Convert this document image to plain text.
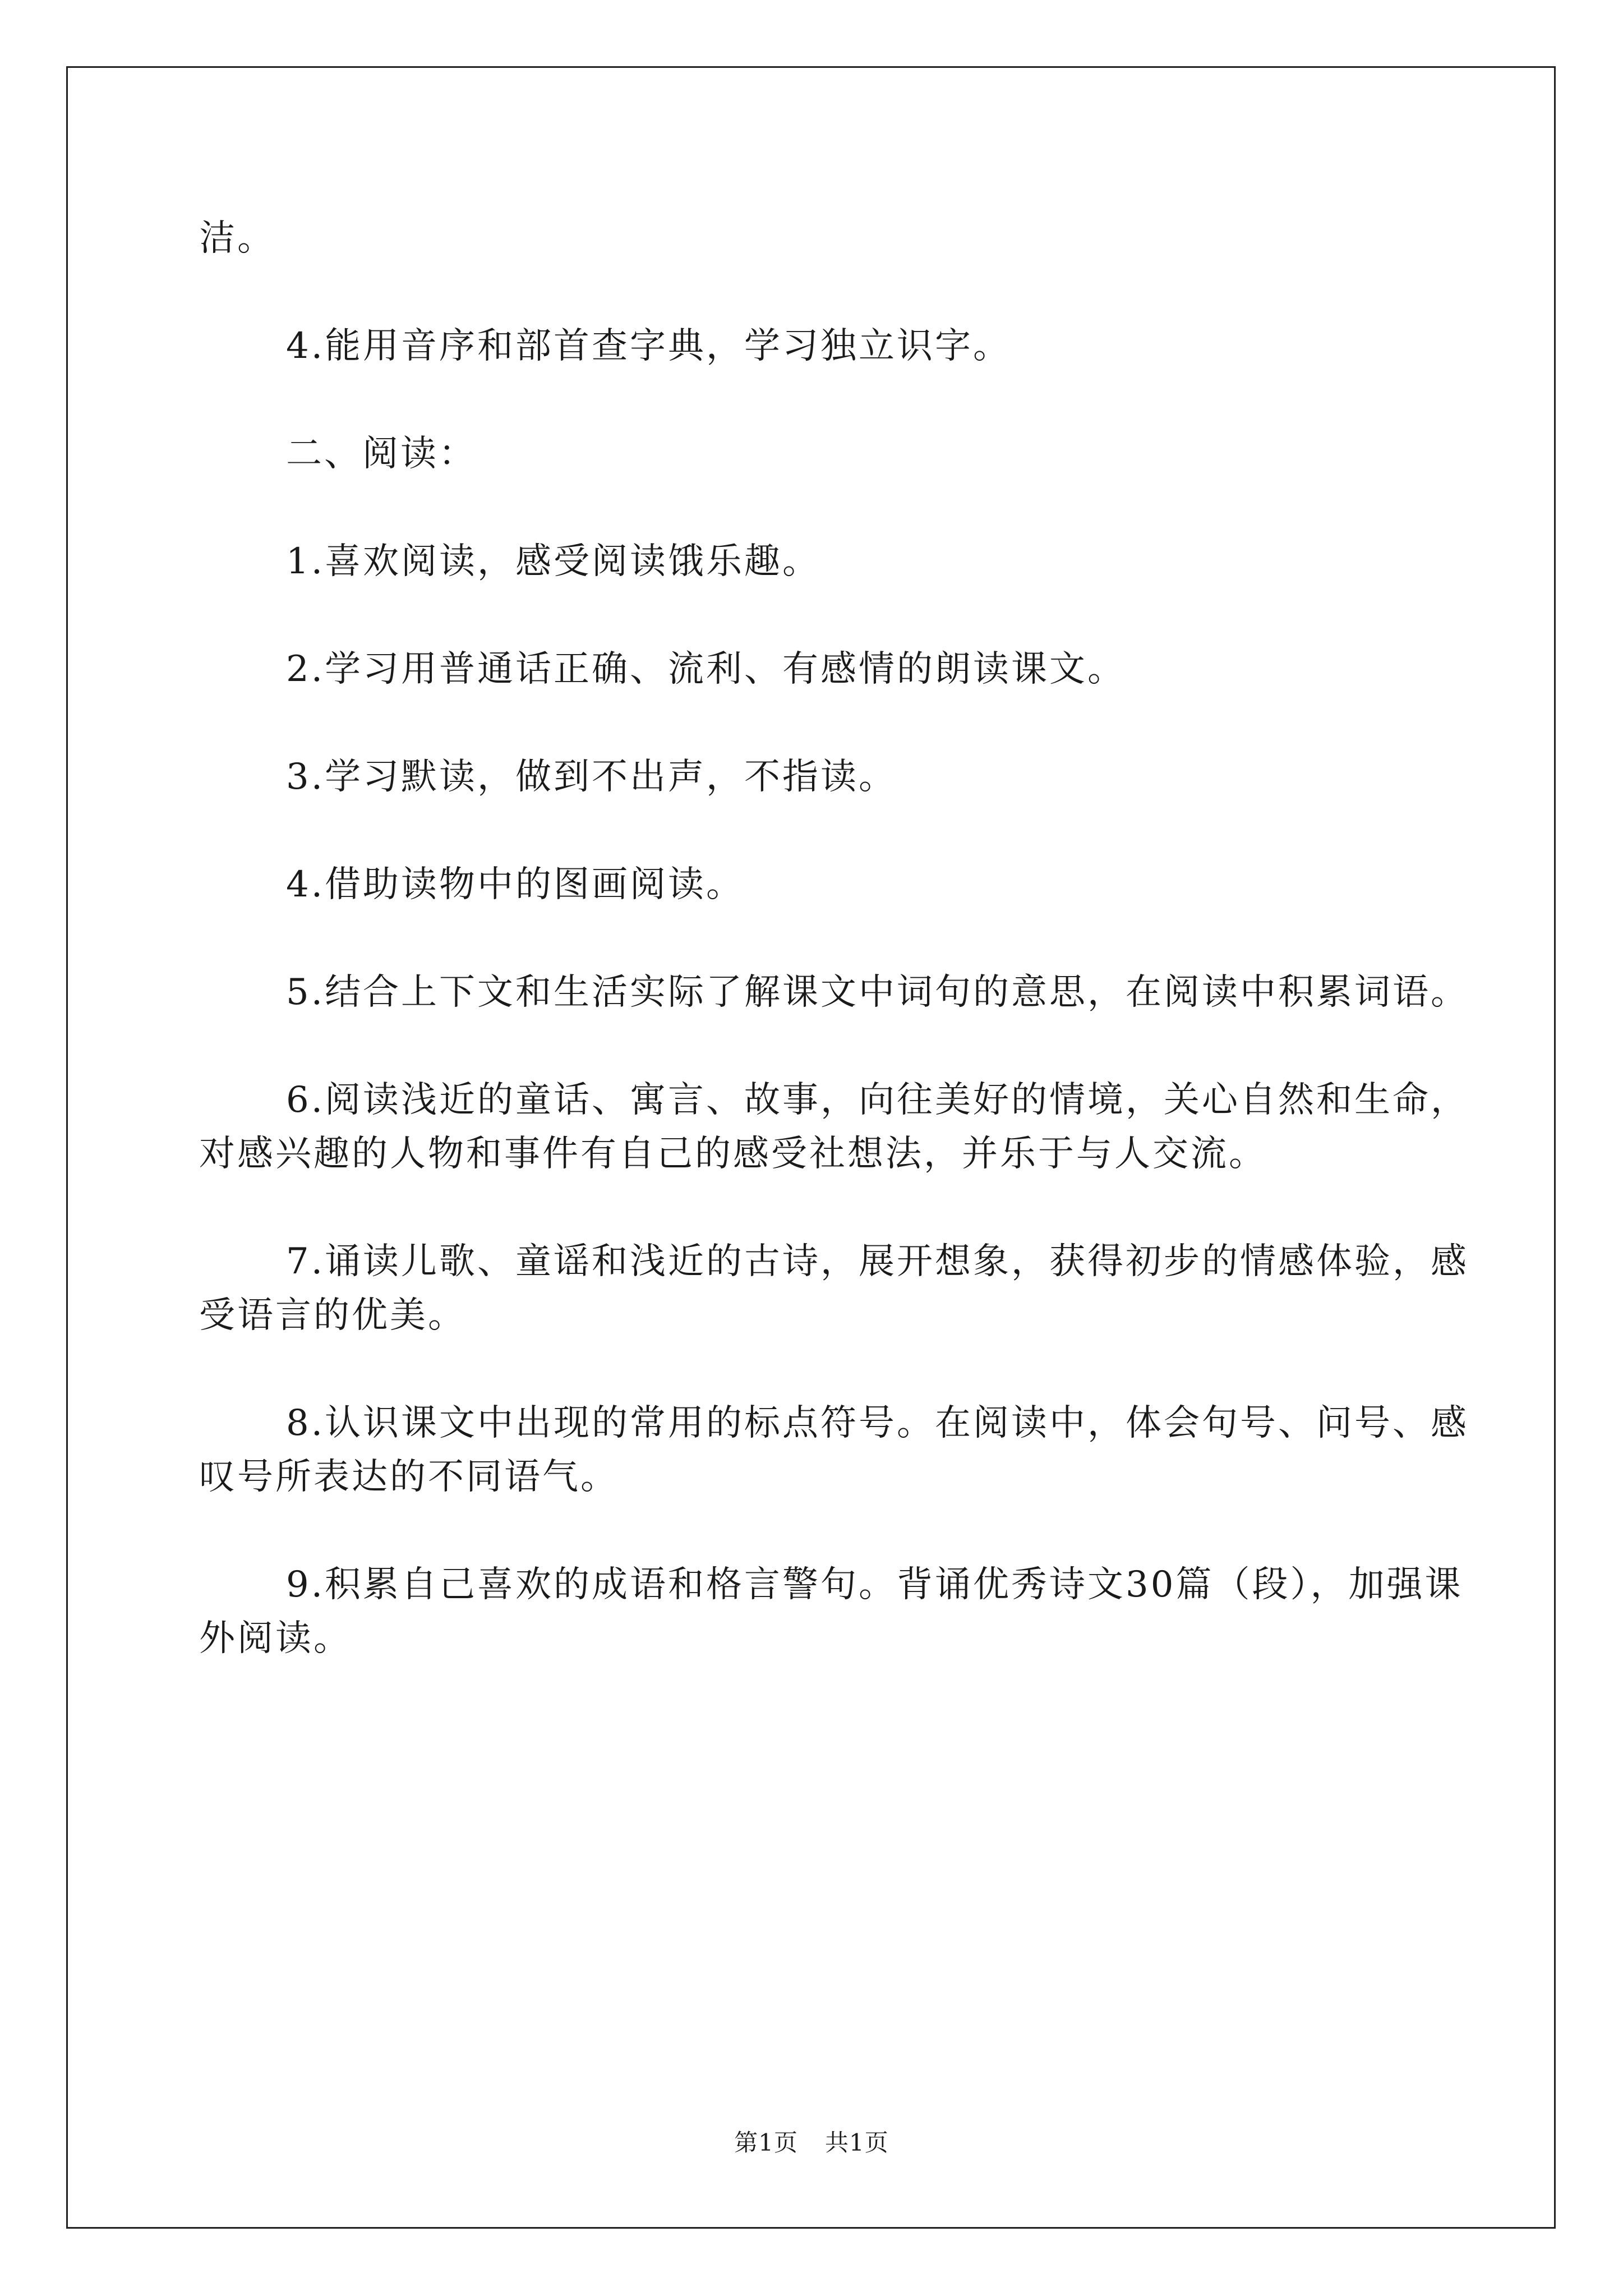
洁。

4.能用音序和部首查字典，学习独立识字。

二、阅读：

1.喜欢阅读，感受阅读饿乐趣。

2.学习用普通话正确、流利、有感情的朗读课文。

3.学习默读，做到不出声，不指读。

4.借助读物中的图画阅读。

5.结合上下文和生活实际了解课文中词句的意思，在阅读中积累词语。

6.阅读浅近的童话、寓言、故事，向往美好的情境，关心自然和生命，对感兴趣的人物和事件有自己的感受社想法，并乐于与人交流。

7.诵读儿歌、童谣和浅近的古诗，展开想象，获得初步的情感体验，感受语言的优美。

8.认识课文中出现的常用的标点符号。在阅读中，体会句号、问号、感叹号所表达的不同语气。

9.积累自己喜欢的成语和格言警句。背诵优秀诗文30篇（段），加强课外阅读。

第1页 共1页
